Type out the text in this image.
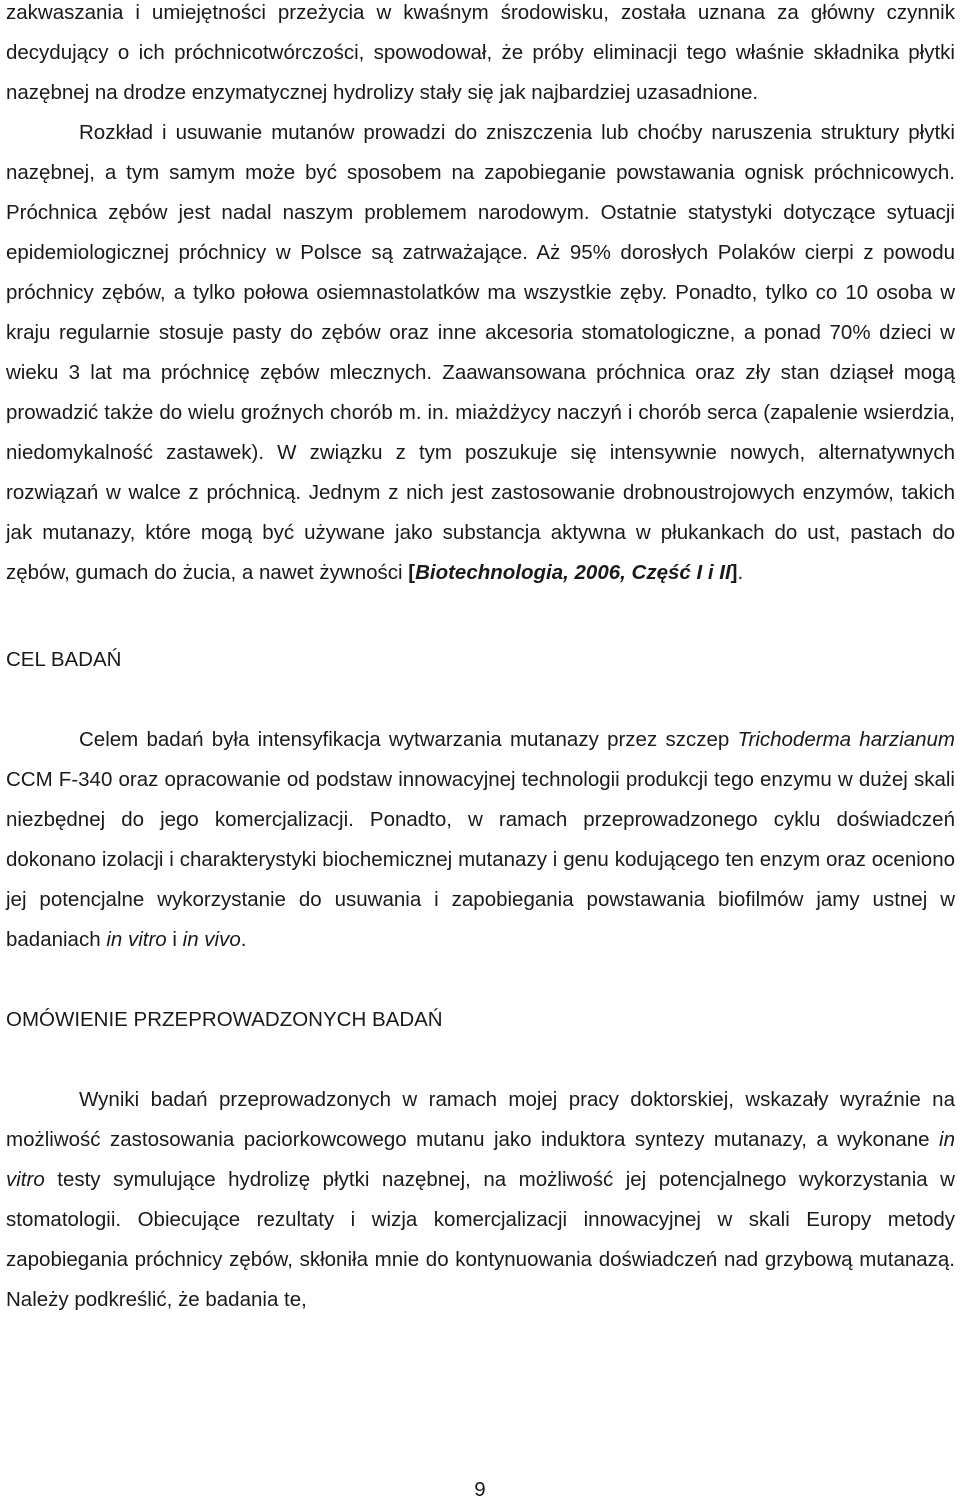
zakwaszania i umiejętności przeżycia w kwaśnym środowisku, została uznana za główny czynnik decydujący o ich próchnicotwórczości, spowodował, że próby eliminacji tego właśnie składnika płytki nazębnej na drodze enzymatycznej hydrolizy stały się jak najbardziej uzasadnione.

Rozkład i usuwanie mutanów prowadzi do zniszczenia lub choćby naruszenia struktury płytki nazębnej, a tym samym może być sposobem na zapobieganie powstawania ognisk próchnicowych. Próchnica zębów jest nadal naszym problemem narodowym. Ostatnie statystyki dotyczące sytuacji epidemiologicznej próchnicy w Polsce są zatrważające. Aż 95% dorosłych Polaków cierpi z powodu próchnicy zębów, a tylko połowa osiemnastolatków ma wszystkie zęby. Ponadto, tylko co 10 osoba w kraju regularnie stosuje pasty do zębów oraz inne akcesoria stomatologiczne, a ponad 70% dzieci w wieku 3 lat ma próchnicę zębów mlecznych. Zaawansowana próchnica oraz zły stan dziąseł mogą prowadzić także do wielu groźnych chorób m. in. miażdżycy naczyń i chorób serca (zapalenie wsierdzia, niedomykalność zastawek). W związku z tym poszukuje się intensywnie nowych, alternatywnych rozwiązań w walce z próchnicą. Jednym z nich jest zastosowanie drobnoustrojowych enzymów, takich jak mutanazy, które mogą być używane jako substancja aktywna w płukankach do ust, pastach do zębów, gumach do żucia, a nawet żywności [Biotechnologia, 2006, Część I i II].

CEL BADAŃ

Celem badań była intensyfikacja wytwarzania mutanazy przez szczep Trichoderma harzianum CCM F-340 oraz opracowanie od podstaw innowacyjnej technologii produkcji tego enzymu w dużej skali niezbędnej do jego komercjalizacji. Ponadto, w ramach przeprowadzonego cyklu doświadczeń dokonano izolacji i charakterystyki biochemicznej mutanazy i genu kodującego ten enzym oraz oceniono jej potencjalne wykorzystanie do usuwania i zapobiegania powstawania biofilmów jamy ustnej w badaniach in vitro i in vivo.

OMÓWIENIE PRZEPROWADZONYCH BADAŃ

Wyniki badań przeprowadzonych w ramach mojej pracy doktorskiej, wskazały wyraźnie na możliwość zastosowania paciorkowcowego mutanu jako induktora syntezy mutanazy, a wykonane in vitro testy symulujące hydrolizę płytki nazębnej, na możliwość jej potencjalnego wykorzystania w stomatologii. Obiecujące rezultaty i wizja komercjalizacji innowacyjnej w skali Europy metody zapobiegania próchnicy zębów, skłoniła mnie do kontynuowania doświadczeń nad grzybową mutanazą. Należy podkreślić, że badania te,

9
